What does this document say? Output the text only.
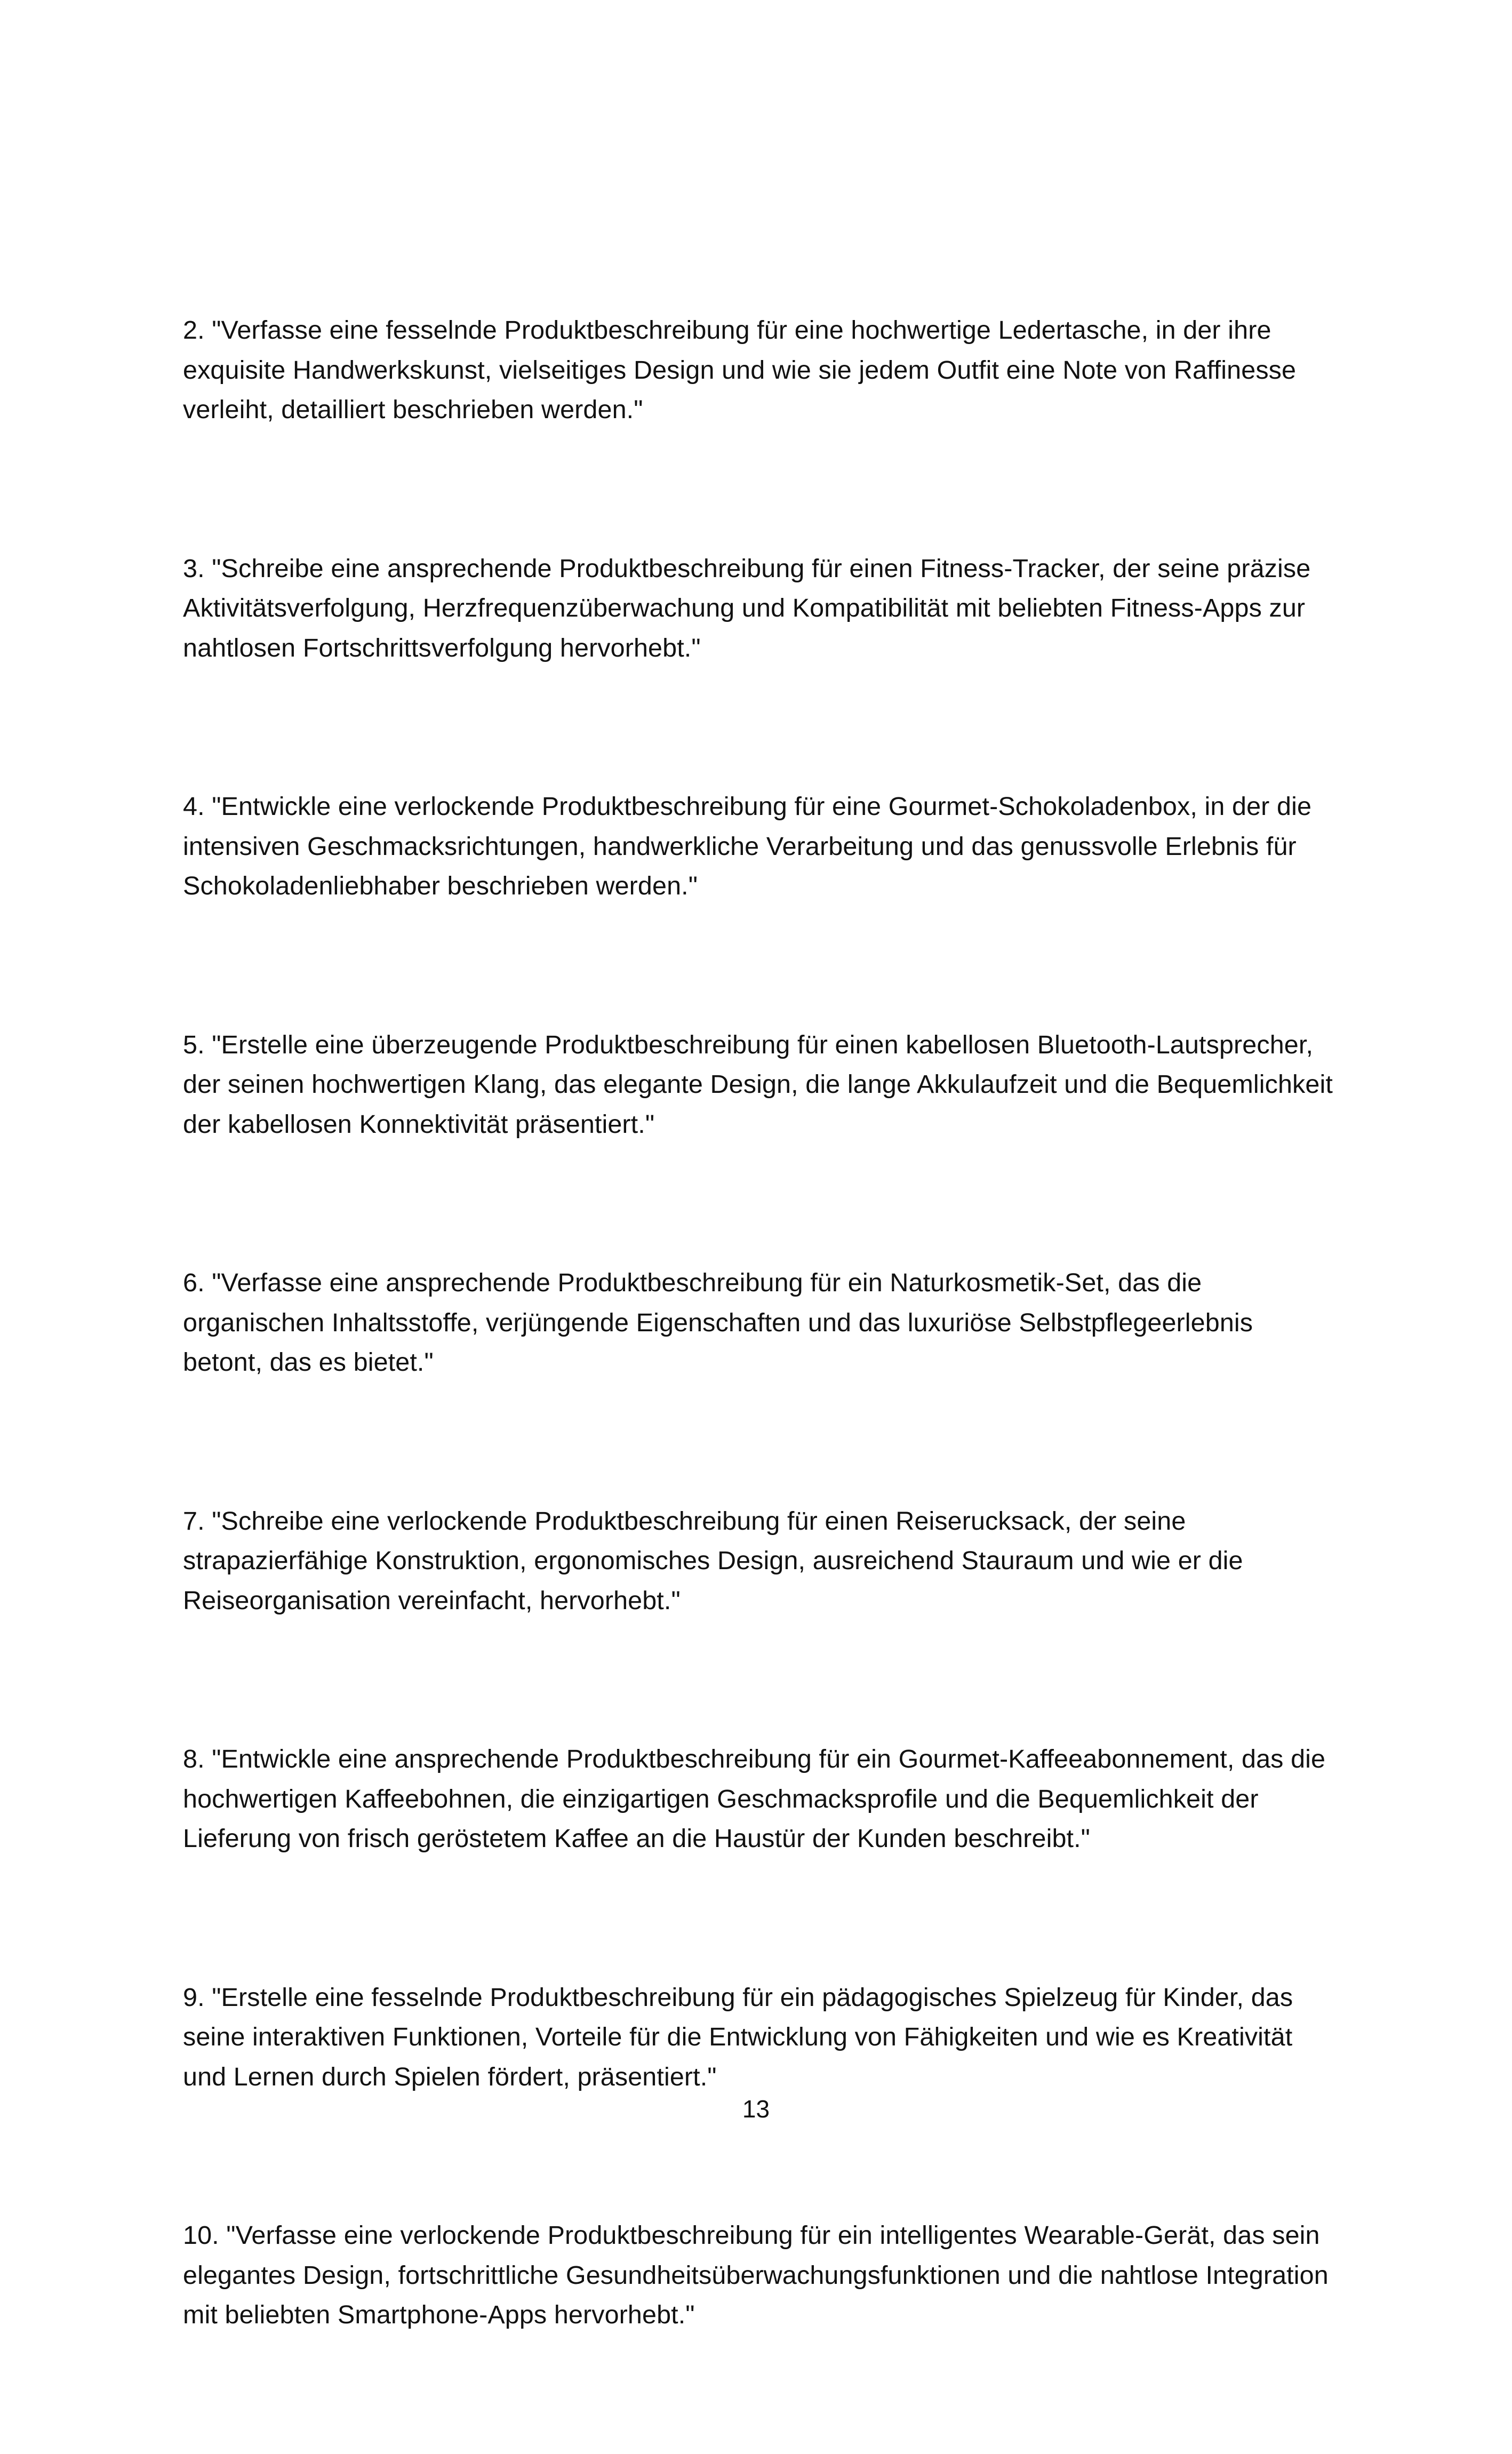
2. "Verfasse eine fesselnde Produktbeschreibung für eine hochwertige Ledertasche, in der ihre exquisite Handwerkskunst, vielseitiges Design und wie sie jedem Outfit eine Note von Raffinesse verleiht, detailliert beschrieben werden."

3. "Schreibe eine ansprechende Produktbeschreibung für einen Fitness-Tracker, der seine präzise Aktivitätsverfolgung, Herzfrequenzüberwachung und Kompatibilität mit beliebten Fitness-Apps zur nahtlosen Fortschrittsverfolgung hervorhebt."

4. "Entwickle eine verlockende Produktbeschreibung für eine Gourmet-Schokoladenbox, in der die intensiven Geschmacksrichtungen, handwerkliche Verarbeitung und das genussvolle Erlebnis für Schokoladenliebhaber beschrieben werden."

5. "Erstelle eine überzeugende Produktbeschreibung für einen kabellosen Bluetooth-Lautsprecher, der seinen hochwertigen Klang, das elegante Design, die lange Akkulaufzeit und die Bequemlichkeit der kabellosen Konnektivität präsentiert."

6. "Verfasse eine ansprechende Produktbeschreibung für ein Naturkosmetik-Set, das die organischen Inhaltsstoffe, verjüngende Eigenschaften und das luxuriöse Selbstpflegeerlebnis betont, das es bietet."

7. "Schreibe eine verlockende Produktbeschreibung für einen Reiserucksack, der seine strapazierfähige Konstruktion, ergonomisches Design, ausreichend Stauraum und wie er die Reiseorganisation vereinfacht, hervorhebt."

8. "Entwickle eine ansprechende Produktbeschreibung für ein Gourmet-Kaffeeabonnement, das die hochwertigen Kaffeebohnen, die einzigartigen Geschmacksprofile und die Bequemlichkeit der Lieferung von frisch geröstetem Kaffee an die Haustür der Kunden beschreibt."

9. "Erstelle eine fesselnde Produktbeschreibung für ein pädagogisches Spielzeug für Kinder, das seine interaktiven Funktionen, Vorteile für die Entwicklung von Fähigkeiten und wie es Kreativität und Lernen durch Spielen fördert, präsentiert."

10. "Verfasse eine verlockende Produktbeschreibung für ein intelligentes Wearable-Gerät, das sein elegantes Design, fortschrittliche Gesundheitsüberwachungsfunktionen und die nahtlose Integration mit beliebten Smartphone-Apps hervorhebt."

13
